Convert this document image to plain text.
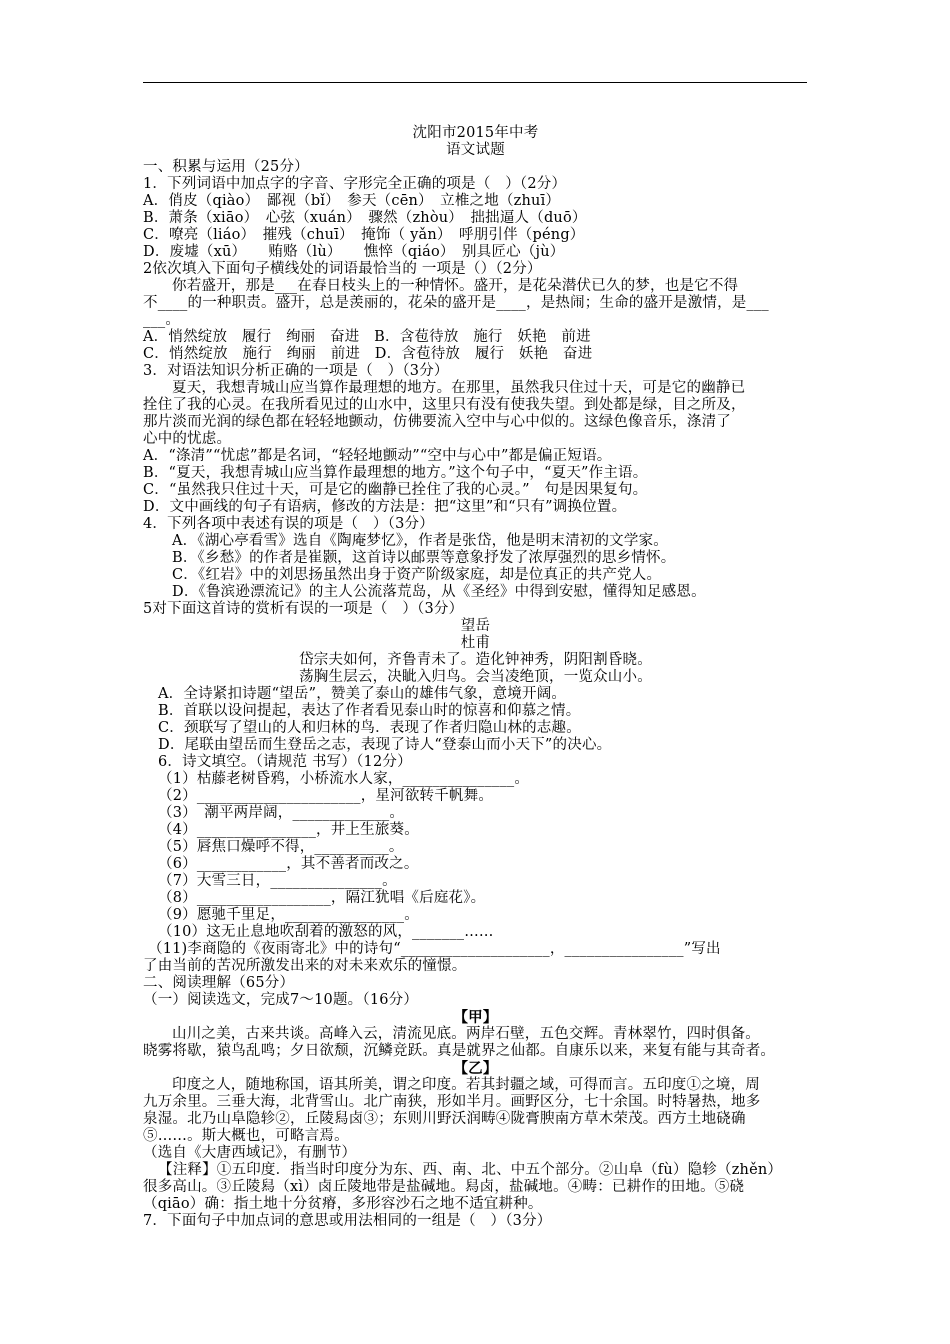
沈阳市2015年中考
语文试题
一、积累与运用（25分）
1．下列词语中加点字的字音、字形完全正确的项是（　）（2分）
A．俏皮（qiào）　鄙视（bǐ）　参天（cēn）　立椎之地（zhuī）
B．萧条（xiāo）　心弦（xuán）　骤然（zhòu）　拙拙逼人（duō）
C．嘹亮（liáo）　摧残（chuī）　掩饰（ yǎn）　呼朋引伴（péng）
D．废墟（xū）　　贿赂（lù）　　憔悴（qiáo）　别具匠心（jù）
2依次填入下面句子横线处的词语最恰当的 一项是（）（2分）
你若盛开，那是___在春日枝头上的一种情怀。盛开，是花朵潜伏已久的梦，也是它不得
不____的一种职责。盛开，总是羡丽的，花朵的盛开是____，是热闹；生命的盛开是激情，是___
___。
A．悄然绽放　履行　绚丽　奋进　B．含苞待放　施行　妖艳　前进
C．悄然绽放　施行　绚丽　前进　D．含苞待放　履行　妖艳　奋进
3．对语法知识分析正确的一项是（　）（3分）
夏天，我想青城山应当算作最理想的地方。在那里，虽然我只住过十天，可是它的幽静已
拴住了我的心灵。在我所看见过的山水中，这里只有没有使我失望。到处都是绿，目之所及，
那片淡而光润的绿色都在轻轻地颤动，仿佛要流入空中与心中似的。这绿色像音乐，涤清了
心中的忧虑。
A．“涤清”“忧虑”都是名词，“轻轻地颤动”“空中与心中”都是偏正短语。
B．“夏天，我想青城山应当算作最理想的地方。”这个句子中，“夏天”作主语。
C．“虽然我只住过十天，可是它的幽静已拴住了我的心灵。”　句是因果复句。
D．文中画线的句子有语病，修改的方法是：把“这里”和“只有”调换位置。
4．下列各项中表述有误的项是（　）（3分）
A．《湖心亭看雪》选自《陶庵梦忆》，作者是张岱，他是明末清初的文学家。
B．《乡愁》的作者是崔颢，这首诗以邮票等意象抒发了浓厚强烈的思乡情怀。
C．《红岩》中的刘思扬虽然出身于资产阶级家庭，却是位真正的共产党人。
D．《鲁滨逊漂流记》的主人公流落荒岛，从《圣经》中得到安慰，懂得知足感恩。
5对下面这首诗的赏析有误的一项是（　）（3分）
望岳
杜甫
岱宗夫如何，齐鲁青未了。造化钟神秀，阴阳割昏晓。
荡胸生层云，决眦入归鸟。会当凌绝顶，一览众山小。
A．全诗紧扣诗题“望岳”，赞美了泰山的雄伟气象，意境开阔。
B．首联以设问提起，表达了作者看见泰山时的惊喜和仰慕之情。
C．颈联写了望山的人和归林的鸟．表现了作者归隐山林的志趣。
D．尾联由望岳而生登岳之志，表现了诗人“登泰山而小天下”的决心。
6．诗文填空。（请规范 书写）（12分）
（1）枯藤老树昏鸦，小桥流水人家，_______________。
（2）______________________，星河欲转千帆舞。
（3）　潮平两岸阔，_____________。
（4）________________，井上生旅葵。
（5）唇焦口燥呼不得，__________。
（6）____________，其不善者而改之。
（7）大雪三日，_______________。
（8）__________________，隔江犹唱《后庭花》。
（9）愿驰千里足，________________。
（10）这无止息地吹刮着的激怒的风，_______……
（11)李商隐的《夜雨寄北》中的诗句“____________________，________________”写出
了由当前的苦况所激发出来的对未来欢乐的憧憬。
二、阅读理解（65分）
（一）阅读选文，完成7～10题。（16分）
【甲】
山川之美，古来共谈。高峰入云，清流见底。两岸石壁，五色交辉。青林翠竹，四时俱备。
晓雾将歇，猿鸟乱鸣；夕日欲颓，沉鳞竞跃。真是就界之仙都。自康乐以来，来复有能与其奇者。
【乙】
印度之人，随地称国，语其所美，谓之印度。若其封疆之域，可得而言。五印度①之境，周
九万余里。三垂大海，北背雪山。北广南狭，形如半月。画野区分，七十余国。时特暑热，地多
泉湿。北乃山阜隐轸②，丘陵舄卤③；东则川野沃润畴④陇膏腴南方草木荣茂。西方土地硗确
⑤……。斯大概也，可略言焉。
（选自《大唐西域记》，有删节）
【注释】①五印度．指当时印度分为东、西、南、北、中五个部分。②山阜（fù）隐轸（zhěn）
很多高山。③丘陵舄（xì）卤丘陵地带是盐碱地。舄卤，盐碱地。④畴：已耕作的田地。⑤硗
（qiāo）确：指土地十分贫瘠，多形容沙石之地不适宜耕种。
7．下面句子中加点词的意思或用法相同的一组是（　）（3分）
